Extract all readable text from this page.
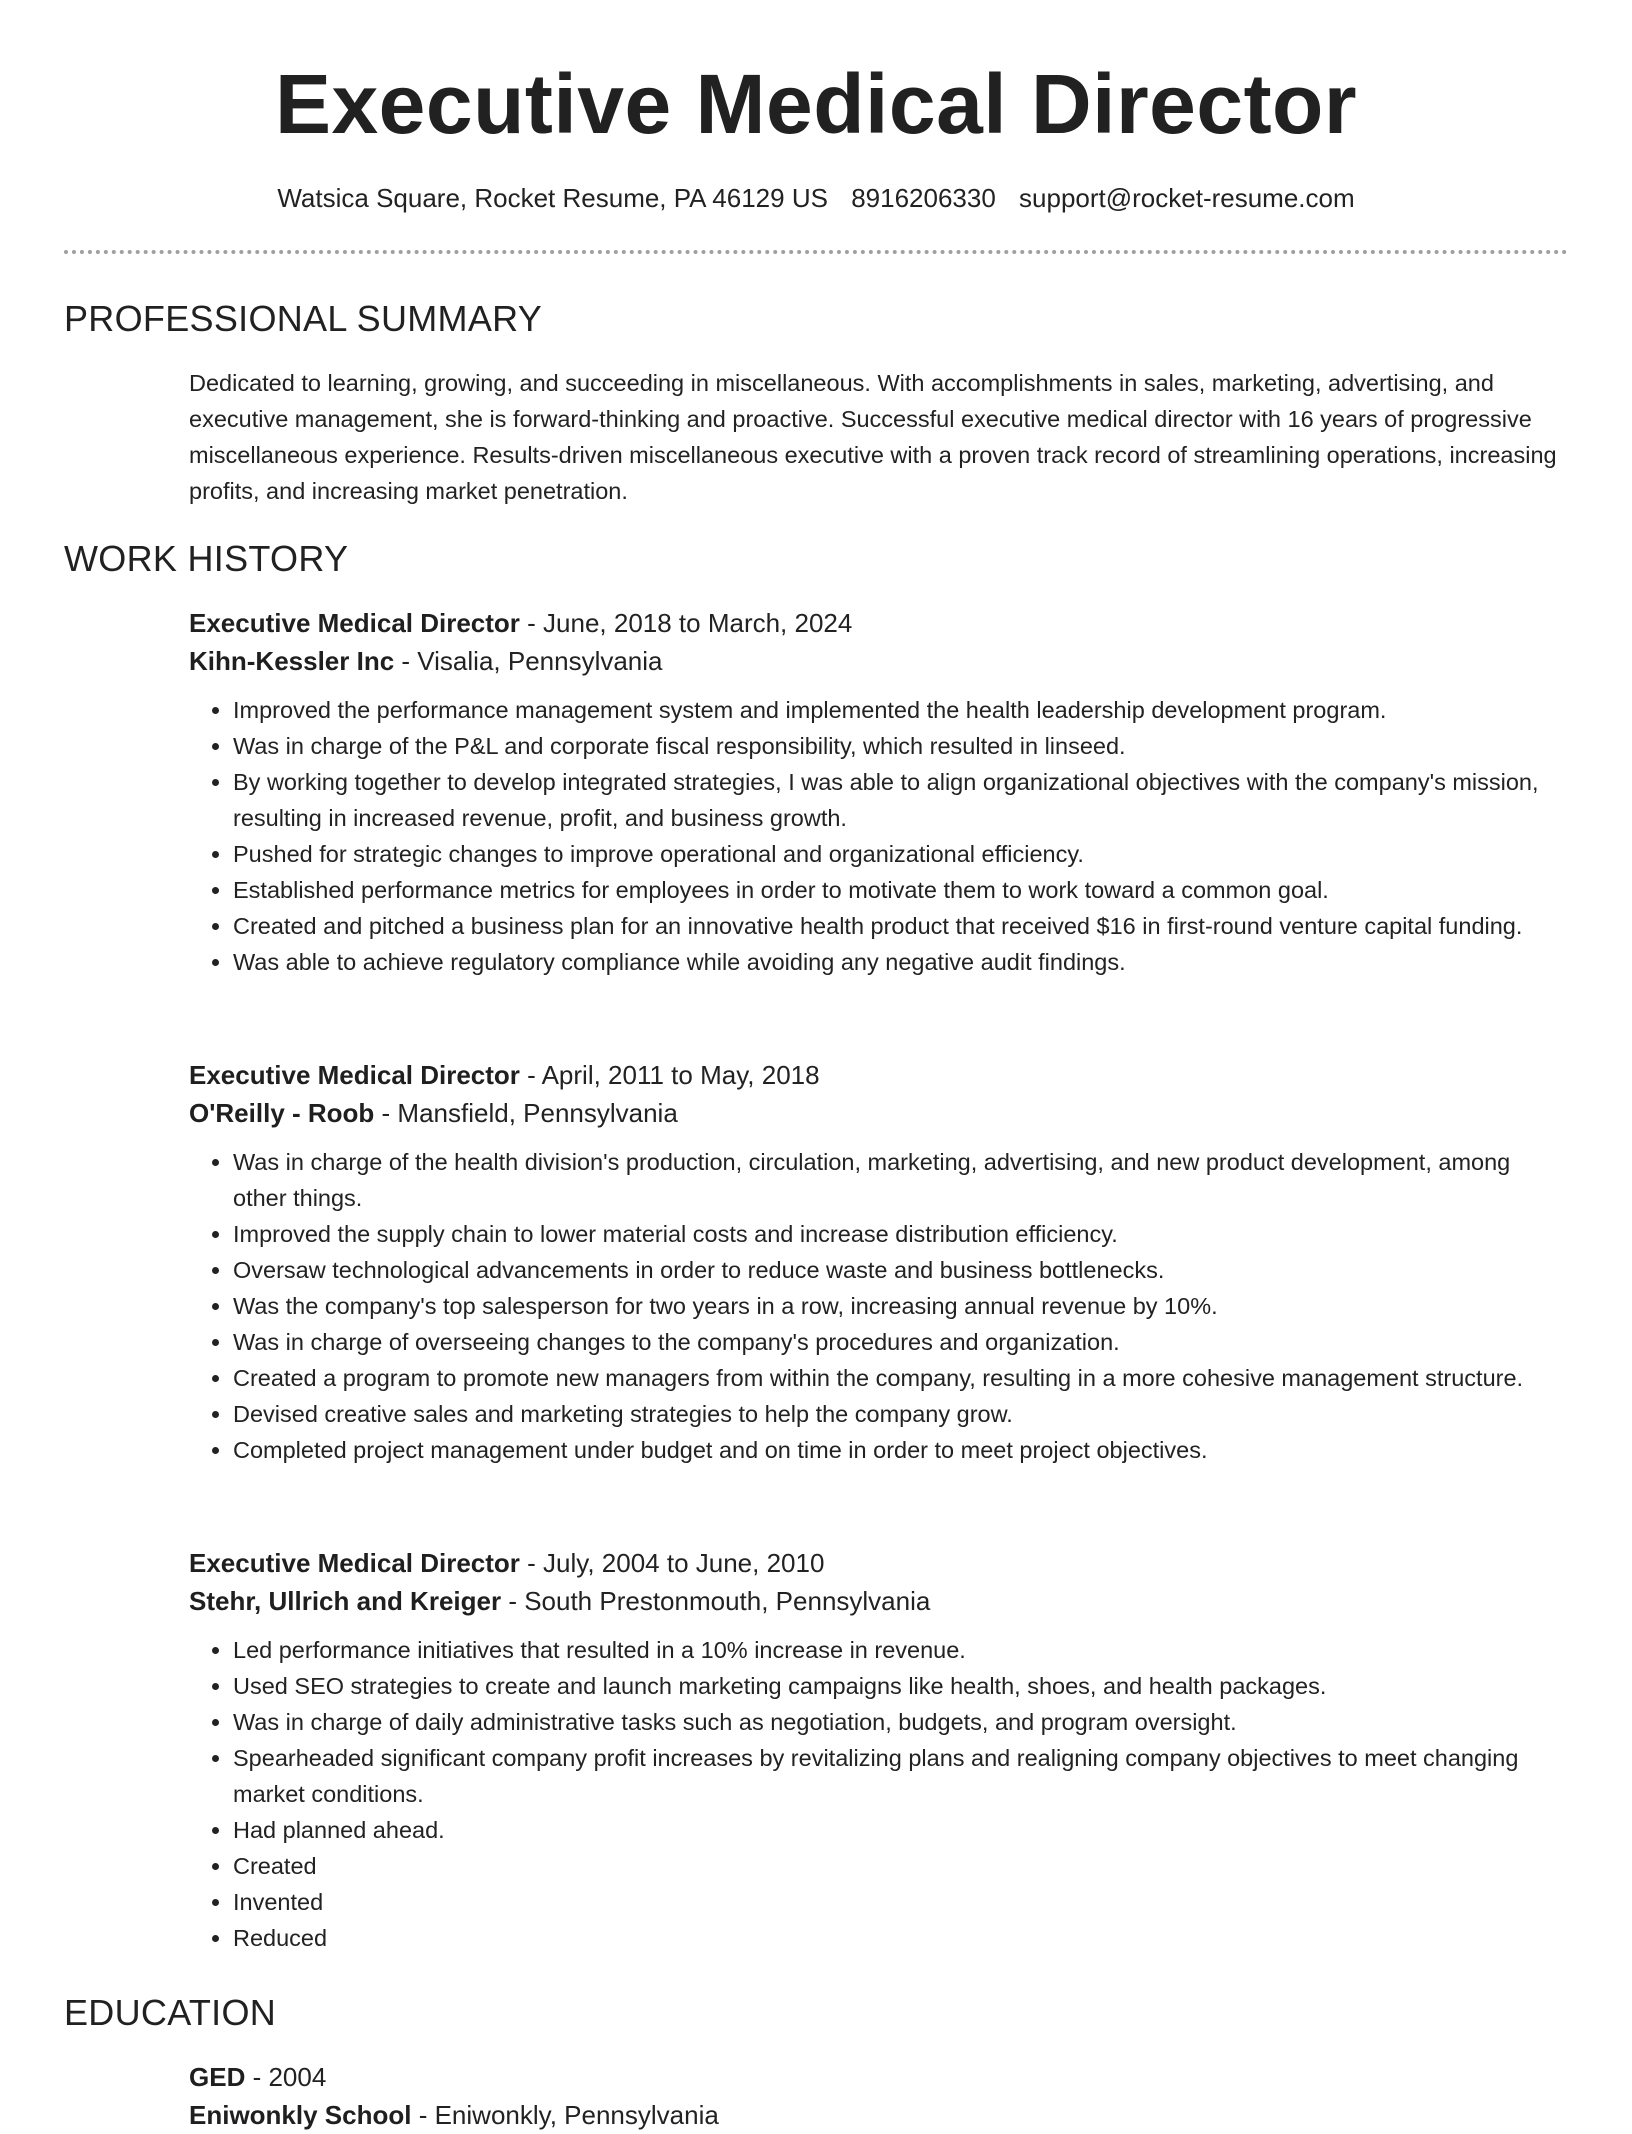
Executive Medical Director
Watsica Square, Rocket Resume, PA 46129 US 8916206330 support@rocket-resume.com
PROFESSIONAL SUMMARY
Dedicated to learning, growing, and succeeding in miscellaneous. With accomplishments in sales, marketing, advertising, and executive management, she is forward-thinking and proactive. Successful executive medical director with 16 years of progressive miscellaneous experience. Results-driven miscellaneous executive with a proven track record of streamlining operations, increasing profits, and increasing market penetration.
WORK HISTORY
Executive Medical Director - June, 2018 to March, 2024
Kihn-Kessler Inc - Visalia, Pennsylvania
• Improved the performance management system and implemented the health leadership development program.
• Was in charge of the P&L and corporate fiscal responsibility, which resulted in linseed.
• By working together to develop integrated strategies, I was able to align organizational objectives with the company's mission, resulting in increased revenue, profit, and business growth.
• Pushed for strategic changes to improve operational and organizational efficiency.
• Established performance metrics for employees in order to motivate them to work toward a common goal.
• Created and pitched a business plan for an innovative health product that received $16 in first-round venture capital funding.
• Was able to achieve regulatory compliance while avoiding any negative audit findings.
Executive Medical Director - April, 2011 to May, 2018
O'Reilly - Roob - Mansfield, Pennsylvania
• Was in charge of the health division's production, circulation, marketing, advertising, and new product development, among other things.
• Improved the supply chain to lower material costs and increase distribution efficiency.
• Oversaw technological advancements in order to reduce waste and business bottlenecks.
• Was the company's top salesperson for two years in a row, increasing annual revenue by 10%.
• Was in charge of overseeing changes to the company's procedures and organization.
• Created a program to promote new managers from within the company, resulting in a more cohesive management structure.
• Devised creative sales and marketing strategies to help the company grow.
• Completed project management under budget and on time in order to meet project objectives.
Executive Medical Director - July, 2004 to June, 2010
Stehr, Ullrich and Kreiger - South Prestonmouth, Pennsylvania
• Led performance initiatives that resulted in a 10% increase in revenue.
• Used SEO strategies to create and launch marketing campaigns like health, shoes, and health packages.
• Was in charge of daily administrative tasks such as negotiation, budgets, and program oversight.
• Spearheaded significant company profit increases by revitalizing plans and realigning company objectives to meet changing market conditions.
• Had planned ahead.
• Created
• Invented
• Reduced
EDUCATION
GED - 2004
Eniwonkly School - Eniwonkly, Pennsylvania
